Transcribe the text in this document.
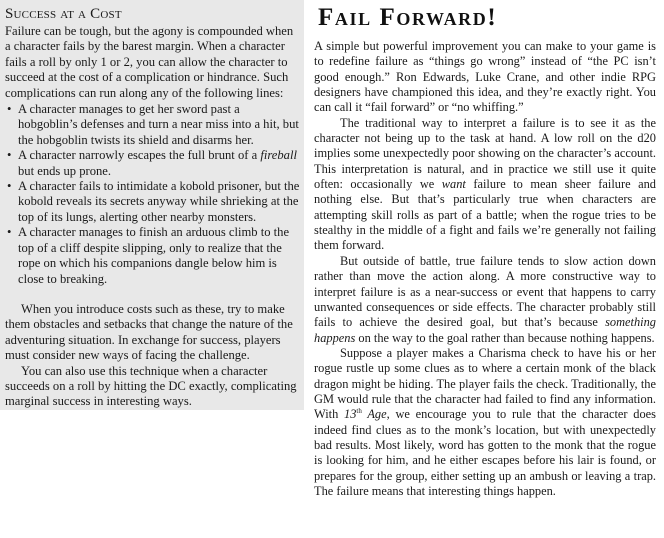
Success at a Cost

Failure can be tough, but the agony is compounded when a character fails by the barest margin. When a character fails a roll by only 1 or 2, you can allow the character to succeed at the cost of a complication or hindrance. Such complications can run along any of the following lines:

• A character manages to get her sword past a hobgoblin’s defenses and turn a near miss into a hit, but the hobgoblin twists its shield and disarms her.
• A character narrowly escapes the full brunt of a fireball but ends up prone.
• A character fails to intimidate a kobold prisoner, but the kobold reveals its secrets anyway while shrieking at the top of its lungs, alerting other nearby monsters.
• A character manages to finish an arduous climb to the top of a cliff despite slipping, only to realize that the rope on which his companions dangle below him is close to breaking.

When you introduce costs such as these, try to make them obstacles and setbacks that change the nature of the adventuring situation. In exchange for success, players must consider new ways of facing the challenge.

You can also use this technique when a character succeeds on a roll by hitting the DC exactly, complicating marginal success in interesting ways.

Fail Forward!

A simple but powerful improvement you can make to your game is to redefine failure as “things go wrong” instead of “the PC isn’t good enough.” Ron Edwards, Luke Crane, and other indie RPG designers have championed this idea, and they’re exactly right. You can call it “fail forward” or “no whiffing.”

The traditional way to interpret a failure is to see it as the character not being up to the task at hand. A low roll on the d20 implies some unexpectedly poor showing on the character’s account. This interpretation is natural, and in practice we still use it quite often: occasionally we want failure to mean sheer failure and nothing else. But that’s particularly true when characters are attempting skill rolls as part of a battle; when the rogue tries to be stealthy in the middle of a fight and fails we’re generally not failing them forward.

But outside of battle, true failure tends to slow action down rather than move the action along. A more constructive way to interpret failure is as a near-success or event that happens to carry unwanted consequences or side effects. The character probably still fails to achieve the desired goal, but that’s because something happens on the way to the goal rather than because nothing happens.

Suppose a player makes a Charisma check to have his or her rogue rustle up some clues as to where a certain monk of the black dragon might be hiding. The player fails the check. Traditionally, the GM would rule that the character had failed to find any information. With 13th Age, we encourage you to rule that the character does indeed find clues as to the monk’s location, but with unexpectedly bad results. Most likely, word has gotten to the monk that the rogue is looking for him, and he either escapes before his lair is found, or prepares for the group, either setting up an ambush or leaving a trap. The failure means that interesting things happen.
